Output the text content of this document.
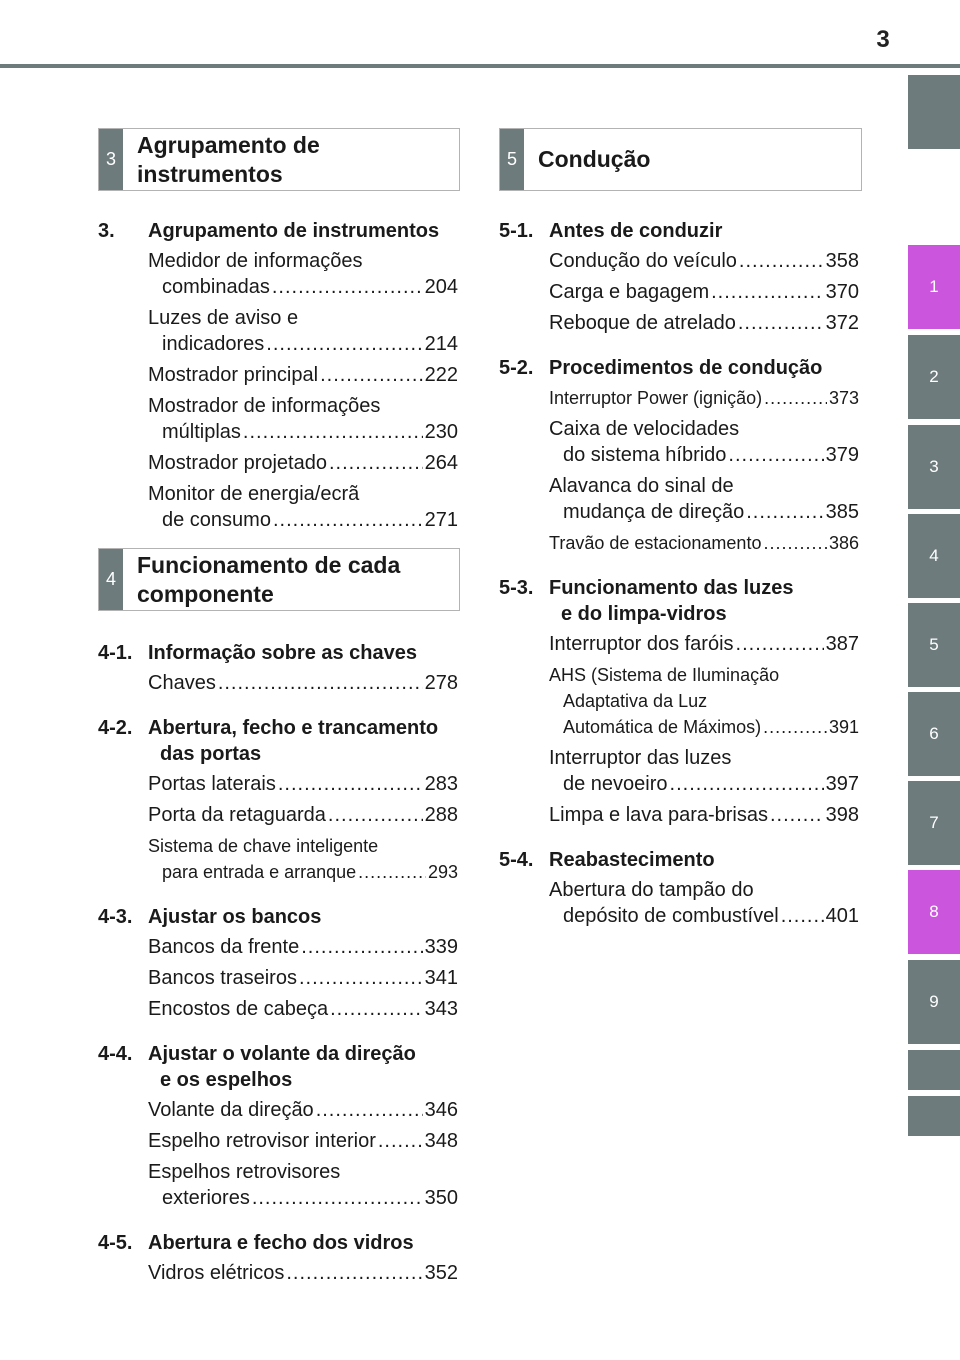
3
1
2
3
4
5
6
7
8
9
3
Agrupamento de
instrumentos
4
Funcionamento de cada
componente
5 Condução
3. Agrupamento de instrumentos
Medidor de informações
combinadas .....	204
Luzes de aviso e
indicadores .....	214
Mostrador principal .....	222
Mostrador de informações
múltiplas .....	230
Mostrador projetado .....	264
Monitor de energia/ecrã
de consumo .....	271
4-1. Informação sobre as chaves
Chaves .....	278
4-2. Abertura, fecho e trancamento
das portas
Portas laterais .....	283
Porta da retaguarda .....	288
Sistema de chave inteligente
para entrada e arranque .....	293
4-3. Ajustar os bancos
Bancos da frente .....	339
Bancos traseiros .....	341
Encostos de cabeça .....	343
4-4. Ajustar o volante da direção
e os espelhos
Volante da direção .....	346
Espelho retrovisor interior ..... 348
Espelhos retrovisores
exteriores .....	350
4-5. Abertura e fecho dos vidros
Vidros elétricos .....	352
5-1. Antes de conduzir
Condução do veículo .....	358
Carga e bagagem .....	370
Reboque de atrelado .....	372
5-2. Procedimentos de condução
Interruptor Power (ignição) .....	373
Caixa de velocidades
do sistema híbrido .....	379
Alavanca do sinal de
mudança de direção .....	385
Travão de estacionamento .....	386
5-3. Funcionamento das luzes
e do limpa-vidros
Interruptor dos faróis .....	387
AHS (Sistema de Iluminação
Adaptativa da Luz
Automática de Máximos) .....	391
Interruptor das luzes
de nevoeiro .....	397
Limpa e lava para-brisas .....	398
5-4. Reabastecimento
Abertura do tampão do
depósito de combustível ..... 401
